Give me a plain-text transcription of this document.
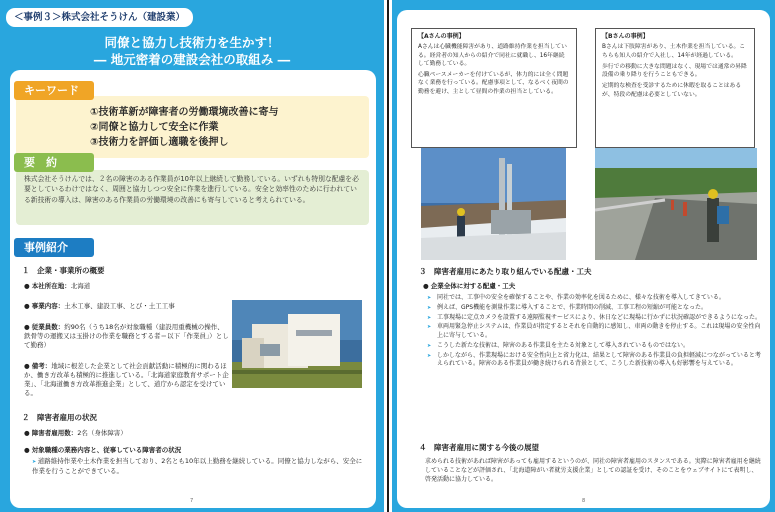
＜事例３＞株式会社そうけん（建設業）
同僚と協力し技術力を生かす！
― 地元密着の建設会社の取組み ―
キーワード
①技術革新が障害者の労働環境改善に寄与
②同僚と協力して安全に作業
③技術力を評価し適職を後押し
要　約
株式会社そうけんでは、２名の障害のある作業員が10年以上継続して勤務している。いずれも特別な配慮を必要としているわけではなく、周囲と協力しつつ安全に作業を進行している。安全と効率性のために行われている新技術の導入は、障害のある作業員の労働環境の改善にも寄与していると考えられている。
事例紹介
１　企業・事業所の概要
● 本社所在地：北海道
● 事業内容：土木工事、建設工事、とび・土工工事
● 従業員数：約90名（うち18名が対象職種（建設用重機械の操作、鉄骨等の運搬又は玉掛けの作業を職務とする者＝以下「作業員」）として勤務）
● 備考：地域に根差した企業として社会貢献活動に積極的に関わるほか、働き方改革も積極的に推進している。「北海道家庭教育サポート企業」、「北海道働き方改革推進企業」として、道庁から認定を受けている。
２　障害者雇用の状況
● 障害者雇用数：2名（身体障害）
● 対象職種の業務内容と、従事している障害者の状況
➤ 道路維持作業や土木作業を担当しており、2名とも10年以上勤務を継続している。同僚と協力しながら、安全に作業を行うことができている。
7
【Aさんの事例】
Aさんは心臓機能障害があり、道路維持作業を担当している。経営者の知人からの紹介で同社に就職し、16年継続して勤務している。
心臓ペースメーカーを付けているが、体力的には全く問題なく業務を行っている。配慮事項として、なるべく夜間の勤務を避け、主として昼間の作業の担当としている。
【Bさんの事例】
Bさんは下肢障害があり、土木作業を担当している。こちらも知人の紹介で入社し、14年が経過している。
歩行での移動に大きな問題はなく、現場では通常の昇降設備の乗り降りを行うこともできる。
定期的な検査を受診するために休暇を取ることはあるが、特段の配慮は必要としていない。
３　障害者雇用にあたり取り組んでいる配慮・工夫
● 企業全体に対する配慮・工夫
➤ 同社では、工事中の安全を確保することや、作業の効率化を図るために、様々な技術を導入してきている。
➤ 例えば、GPS機能を測量作業に導入することで、作業時間の削減、工事工程の短縮が可能となった。
➤ 工事現場に定点カメラを設置する遠隔監視サービスにより、休日などに現場に行かずに状況確認ができるようになった。
➤ 車両用緊急停止システムは、作業員が指定するとそれを自動的に感知し、車両の動きを停止する。これは現場の安全性向上に寄与している。
➤ こうした新たな技術は、障害のある作業員を主たる対象として導入されているものではない。
➤ しかしながら、作業現場における安全性向上と省力化は、結果として障害のある作業員の負担軽減につながっていると考えられている。障害のある作業員が働き続けられる背景として、こうした新技術の導入も好影響を与えている。
４　障害者雇用に関する今後の展望
求められる技術があれば障害があっても雇用するというのが、同社の障害者雇用のスタンスである。実際に障害者雇用を継続していることなどが評価され、「北海道障がい者就労支援企業」としての認証を受け、そのことをウェブサイトにて表明し、啓発活動に協力している。
8
